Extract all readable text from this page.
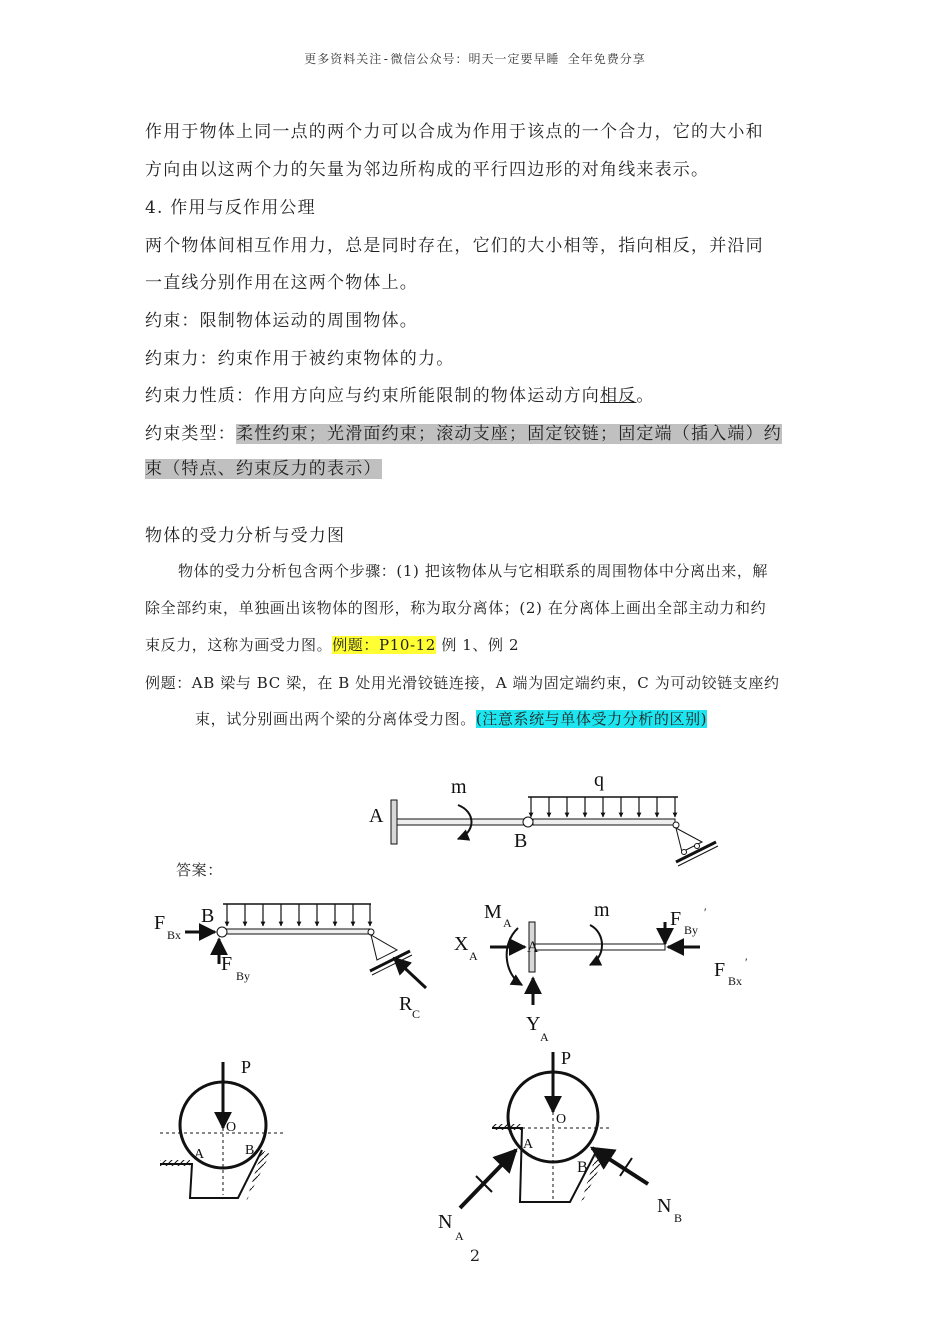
更多资料关注-微信公众号：明天一定要早睡 全年免费分享
作用于物体上同一点的两个力可以合成为作用于该点的一个合力，它的大小和
方向由以这两个力的矢量为邻边所构成的平行四边形的对角线来表示。
4. 作用与反作用公理
两个物体间相互作用力，总是同时存在，它们的大小相等，指向相反，并沿同
一直线分别作用在这两个物体上。
约束：限制物体运动的周围物体。
约束力：约束作用于被约束物体的力。
约束力性质：作用方向应与约束所能限制的物体运动方向相反。
约束类型：柔性约束；光滑面约束；滚动支座；固定铰链；固定端（插入端）约
束（特点、约束反力的表示）
物体的受力分析与受力图
物体的受力分析包含两个步骤：(1) 把该物体从与它相联系的周围物体中分离出来，解
除全部约束，单独画出该物体的图形，称为取分离体；(2) 在分离体上画出全部主动力和约
束反力，这称为画受力图。例题：P10-12 例 1、例 2
例题：AB 梁与 BC 梁，在 B 处用光滑铰链连接，A 端为固定端约束，C 为可动铰链支座约
束，试分别画出两个梁的分离体受力图。(注意系统与单体受力分析的区别)
答案：
A
B
m	q
B
F
Bx
F
By
R C
M A
A
X
A
Y
A
m	F By
′
F Bx
′
P
O
A	B
P
O
A
B
N
A
N
B
2
